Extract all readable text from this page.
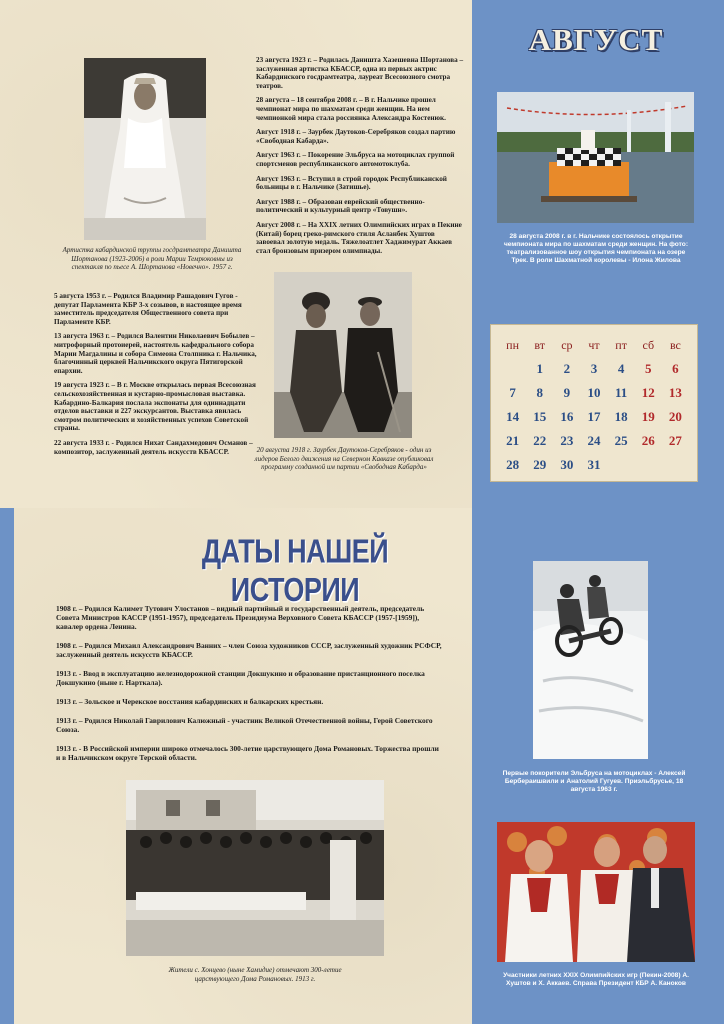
АВГУСТ
ДАТЫ НАШЕЙ ИСТОРИИ
Артистка кабардинской труппы госдрамтеатра Даништа Шортанова (1923-2006) в роли Марии Темрюковны из спектакля по пьесе А. Шортанова «Новечно». 1957 г.

23 августа 1923 г. – Родилась Даништа Хазешевна Шортанова – заслуженная артистка КБАССР, одна из первых актрис Кабардинского госдрамтеатра, лауреат Всесоюзного смотра театров.

28 августа – 18 сентября 2008 г. – В г. Нальчике прошел чемпионат мира по шахматам среди женщин. На нем чемпионкой мира стала россиянка Александра Костенюк.

Август 1918 г. – Заурбек Даутоков-Серебряков создал партию «Свободная Кабарда».

Август 1963 г. – Покорение Эльбруса на мотоциклах группой спортсменов республиканского автомотоклуба.

Август 1963 г. – Вступил в строй городок Республиканской больницы в г. Нальчике (Затишье).

Август 1988 г. – Образован еврейский общественно-политический и культурный центр «Товушн».

Август 2008 г. – На XXIX летних Олимпийских играх в Пекине (Китай) борец греко-римского стиля Асланбек Хуштов завоевал золотую медаль. Тяжелоатлет Хаджимурат Аккаев стал бронзовым призером олимпиады.

5 августа 1953 г. – Родился Владимир Рашадович Гугов - депутат Парламента КБР 3-х созывов, в настоящее время заместитель председателя Общественного совета при Парламенте КБР.

13 августа 1963 г. – Родился Валентин Николаевич Бобылев – митрофорный протоиерей, настоятель кафедрального собора Марии Магдалины и собора Симеона Столпника г. Нальчика, благочинный церквей Нальчикского округа Пятигорской епархии.

19 августа 1923 г. – В г. Москве открылась первая Всесоюзная сельскохозяйственная и кустарно-промысловая выставка. Кабардино-Балкария послала экспонаты для одиннадцати отделов выставки и 227 экскурсантов. Выставка явилась смотром политических и хозяйственных успехов Советской страны.

22 августа 1933 г. - Родился Нихат Сандахмедович Османов – композитор, заслуженный деятель искусств КБАССР.	20 августа 1918 г. Заурбек Даутоков-Серебряков - один из лидеров Белого движения на Северном Кавказе опубликовал программу созданной им партии «Свободная Кабарда»
28 августа 2008 г. в г. Нальчике состоялось открытие чемпионата мира по шахматам среди женщин. На фото: театрализованное шоу открытия чемпионата на озере Трек. В роли Шахматной королевы - Илона Жилова
пн	вт	ср	чт	пт	сб	вс
	1	2	3	4	5	6
7	8	9	10	11	12	13
14	15	16	17	18	19	20
21	22	23	24	25	26	27
28	29	30	31			

1908 г. – Родился Калимет Тутович Улостанов – видный партийный и государственный деятель, председатель Совета Министров КАССР (1951-1957), председатель Президиума Верховного Совета КБАССР (1957-[1959]), кавалер ордена Ленина.

1908 г. – Родился Михаил Александрович Ванних – член Союза художников СССР, заслуженный художник РСФСР, заслуженный деятель искусств КБАССР.

1913 г. - Ввод в эксплуатацию железнодорожной станции Докшукино и образование пристанционного поселка Докшукино (ныне г. Нарткала).

1913 г. – Зольское и Черекское восстания кабардинских и балкарских крестьян.

1913 г. – Родился Николай Гаврилович Калюжный - участник Великой Отечественной войны, Герой Советского Союза.

1913 г. - В Российской империи широко отмечалось 300-летие царствующего Дома Романовых. Торжества прошли и в Нальчикском округе Терской области.

Жители с. Хонцево (ныне Хамидие) отмечают 300-летие царствующего Дома Романовых. 1913 г.
Первые покорители Эльбруса на мотоциклах - Алексей Бербераишвили и Анатолий Гугуев. Приэльбрусье, 18 августа 1963 г.
Участники летних XXIX Олимпийских игр (Пекин-2008) А. Хуштов и Х. Аккаев. Справа Президент КБР А. Каноков
